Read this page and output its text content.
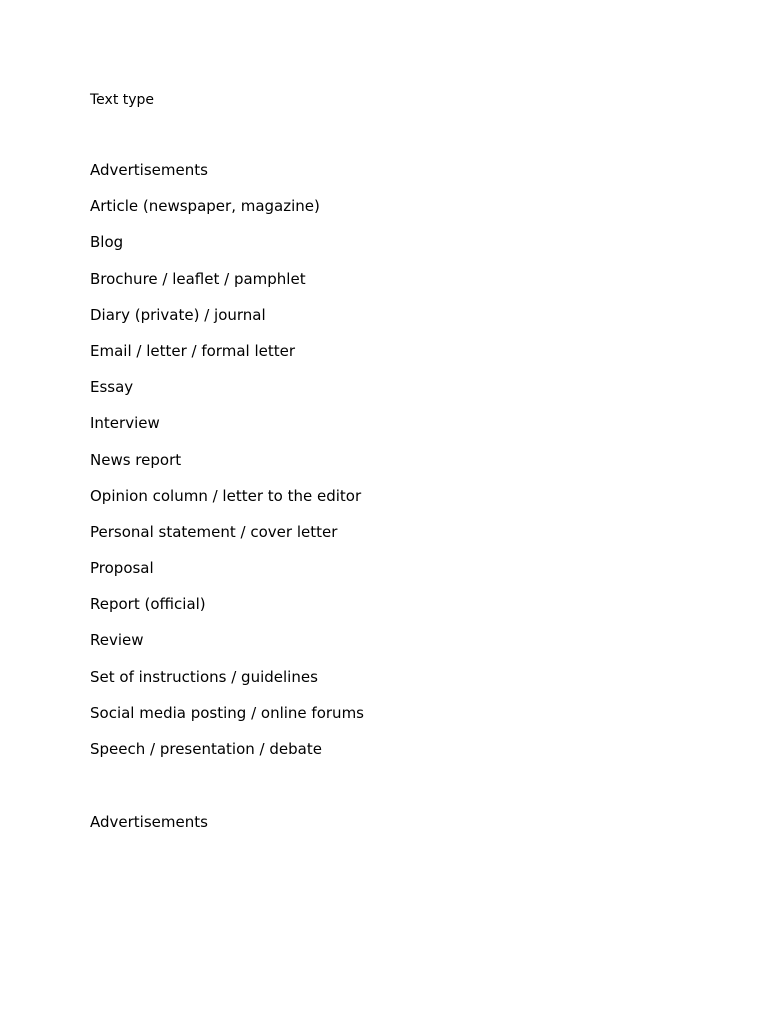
Text type
Advertisements
Article (newspaper, magazine)
Blog
Brochure / leaflet / pamphlet
Diary (private) / journal
Email / letter / formal letter
Essay
Interview
News report
Opinion column / letter to the editor
Personal statement / cover letter
Proposal
Report (official)
Review
Set of instructions / guidelines
Social media posting / online forums
Speech / presentation / debate
Advertisements
